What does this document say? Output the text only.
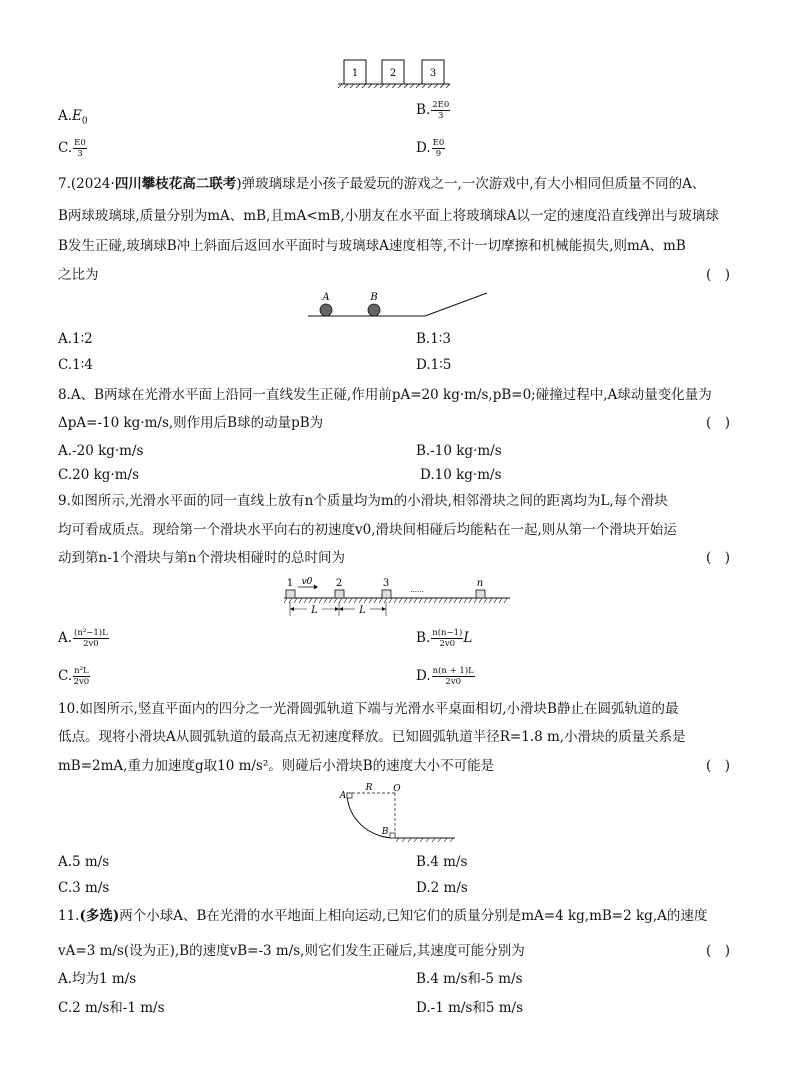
1	2	3
$A.E_0$
B. $\frac{2E0}{3}$
C. $\frac{E0}{3}$	D. $\frac{E0}{9}$
7.(2024·四川攀枝花高二联考)弹玻璃球是小孩子最爱玩的游戏之一,一次游戏中,有大小相同但质量不同的A、
B两球玻璃球,质量分别为mA、mB,且mA<mB,小朋友在水平面上将玻璃球A以一定的速度沿直线弹出与玻璃球
B发生正碰,玻璃球B冲上斜面后返回水平面时与玻璃球A速度相等,不计一切摩擦和机械能损失,则mA、mB
之比为	(　)
A	B
A.1∶2	B.1∶3
C.1∶4	D.1∶5
8.A、B两球在光滑水平面上沿同一直线发生正碰,作用前pA=20 kg·m/s,pB=0;碰撞过程中,A球动量变化量为
ΔpA=-10 kg·m/s,则作用后B球的动量pB为	(　)
A.-20 kg·m/s	B.-10 kg·m/s
C.20 kg·m/s	D.10 kg·m/s
9.如图所示,光滑水平面的同一直线上放有n个质量均为m的小滑块,相邻滑块之间的距离均为L,每个滑块
均可看成质点。现给第一个滑块水平向右的初速度v0,滑块间相碰后均能粘在一起,则从第一个滑块开始运
动到第n-1个滑块与第n个滑块相碰时的总时间为	(　)
1 v0 2	3
······
n
L	L
A. $\frac{\text{(n²−1)L}}{2v0}$	B. $\frac{n(n-1)}{2v0}$ L
C. $\frac{\text{n²L}}{2v0}$	D. $\frac{n(n + 1)L}{2v0}$
10.如图所示,竖直平面内的四分之一光滑圆弧轨道下端与光滑水平桌面相切,小滑块B静止在圆弧轨道的最
低点。现将小滑块A从圆弧轨道的最高点无初速度释放。已知圆弧轨道半径R=1.8 m,小滑块的质量关系是
mB=2mA,重力加速度g取10 m/s²。则碰后小滑块B的速度大小不可能是	(　)
A
R O
B
A.5 m/s	B.4 m/s
C.3 m/s	D.2 m/s
11.(多选)两个小球A、B在光滑的水平地面上相向运动,已知它们的质量分别是mA=4 kg,mB=2 kg,A的速度
vA=3 m/s(设为正),B的速度vB=-3 m/s,则它们发生正碰后,其速度可能分别为	(　)
A.均为1 m/s	B.4 m/s和-5 m/s
C.2 m/s和-1 m/s	D.-1 m/s和5 m/s
